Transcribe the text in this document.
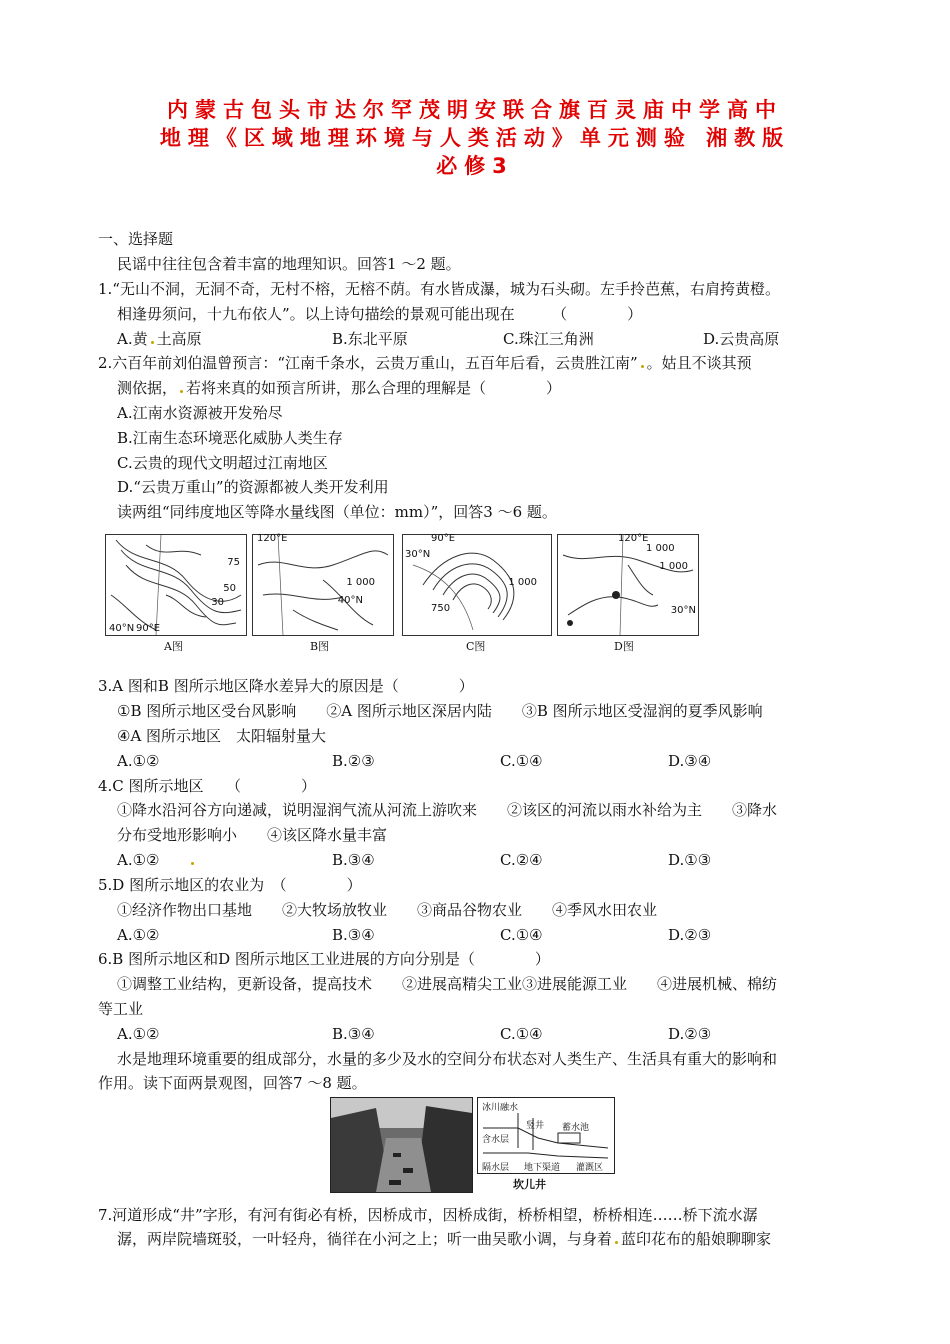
内蒙古包头市达尔罕茂明安联合旗百灵庙中学高中
地理《区域地理环境与人类活动》单元测验 湘教版
必修3
一、选择题
民谣中往往包含着丰富的地理知识。回答1 ～2 题。
1.“无山不洞，无洞不奇，无村不榕，无榕不荫。有水皆成瀑，城为石头砌。左手拎芭蕉，右肩挎黄橙。
相逢毋须问，十九布依人”。以上诗句描绘的景观可能出现在　　　（　　　　）
A.黄 土高原	B.东北平原	C.珠江三角洲	D.云贵高原
2.六百年前刘伯温曾预言：“江南千条水，云贵万重山，五百年后看，云贵胜江南” 。姑且不谈其预
测依据， 若将来真的如预言所讲，那么合理的理解是（　　　　）
A.江南水资源被开发殆尽
B.江南生态环境恶化威胁人类生存
C.云贵的现代文明超过江南地区
D.“云贵万重山”的资源都被人类开发利用
读两组“同纬度地区等降水量线图（单位：mm）”，回答3 ～6 题。
75
50
30
40°N 90°E
A图
120°E
1 000
40°N
B图
90°E
30°N
1 000
750
C图
120°E
1 000
1 000
30°N
D图
3.A 图和B 图所示地区降水差异大的原因是（　　　　）
①B 图所示地区受台风影响　　②A 图所示地区深居内陆　　③B 图所示地区受湿润的夏季风影响
④A 图所示地区　太阳辐射量大
A.①②	B.②③	C.①④	D.③④
4.C 图所示地区　　（　　　　）
①降水沿河谷方向递减，说明湿润气流从河流上游吹来　　②该区的河流以雨水补给为主　　③降水
分布受地形影响小　　④该区降水量丰富
A.①②	B.③④	C.②④	D.①③
5.D 图所示地区的农业为　（　　　　）
①经济作物出口基地　　②大牧场放牧业　　③商品谷物农业　　④季风水田农业
A.①②	B.③④	C.①④	D.②③
6.B 图所示地区和D 图所示地区工业进展的方向分别是（　　　　）
①调整工业结构，更新设备，提高技术　　②进展高精尖工业③进展能源工业　　④进展机械、棉纺
等工业
A.①②	B.③④	C.①④	D.②③
水是地理环境重要的组成部分，水量的多少及水的空间分布状态对人类生产、生活具有重大的影响和
作用。读下面两景观图，回答7 ～8 题。
冰川融水
竖井
含水层
蓄水池
隔水层 地下渠道 灌溉区
坎儿井
7.河道形成“井”字形，有河有街必有桥，因桥成市，因桥成街，桥桥相望，桥桥相连……桥下流水潺
潺，两岸院墙斑驳，一叶轻舟，徜徉在小河之上；听一曲吴歌小调，与身着 蓝印花布的船娘聊聊家
